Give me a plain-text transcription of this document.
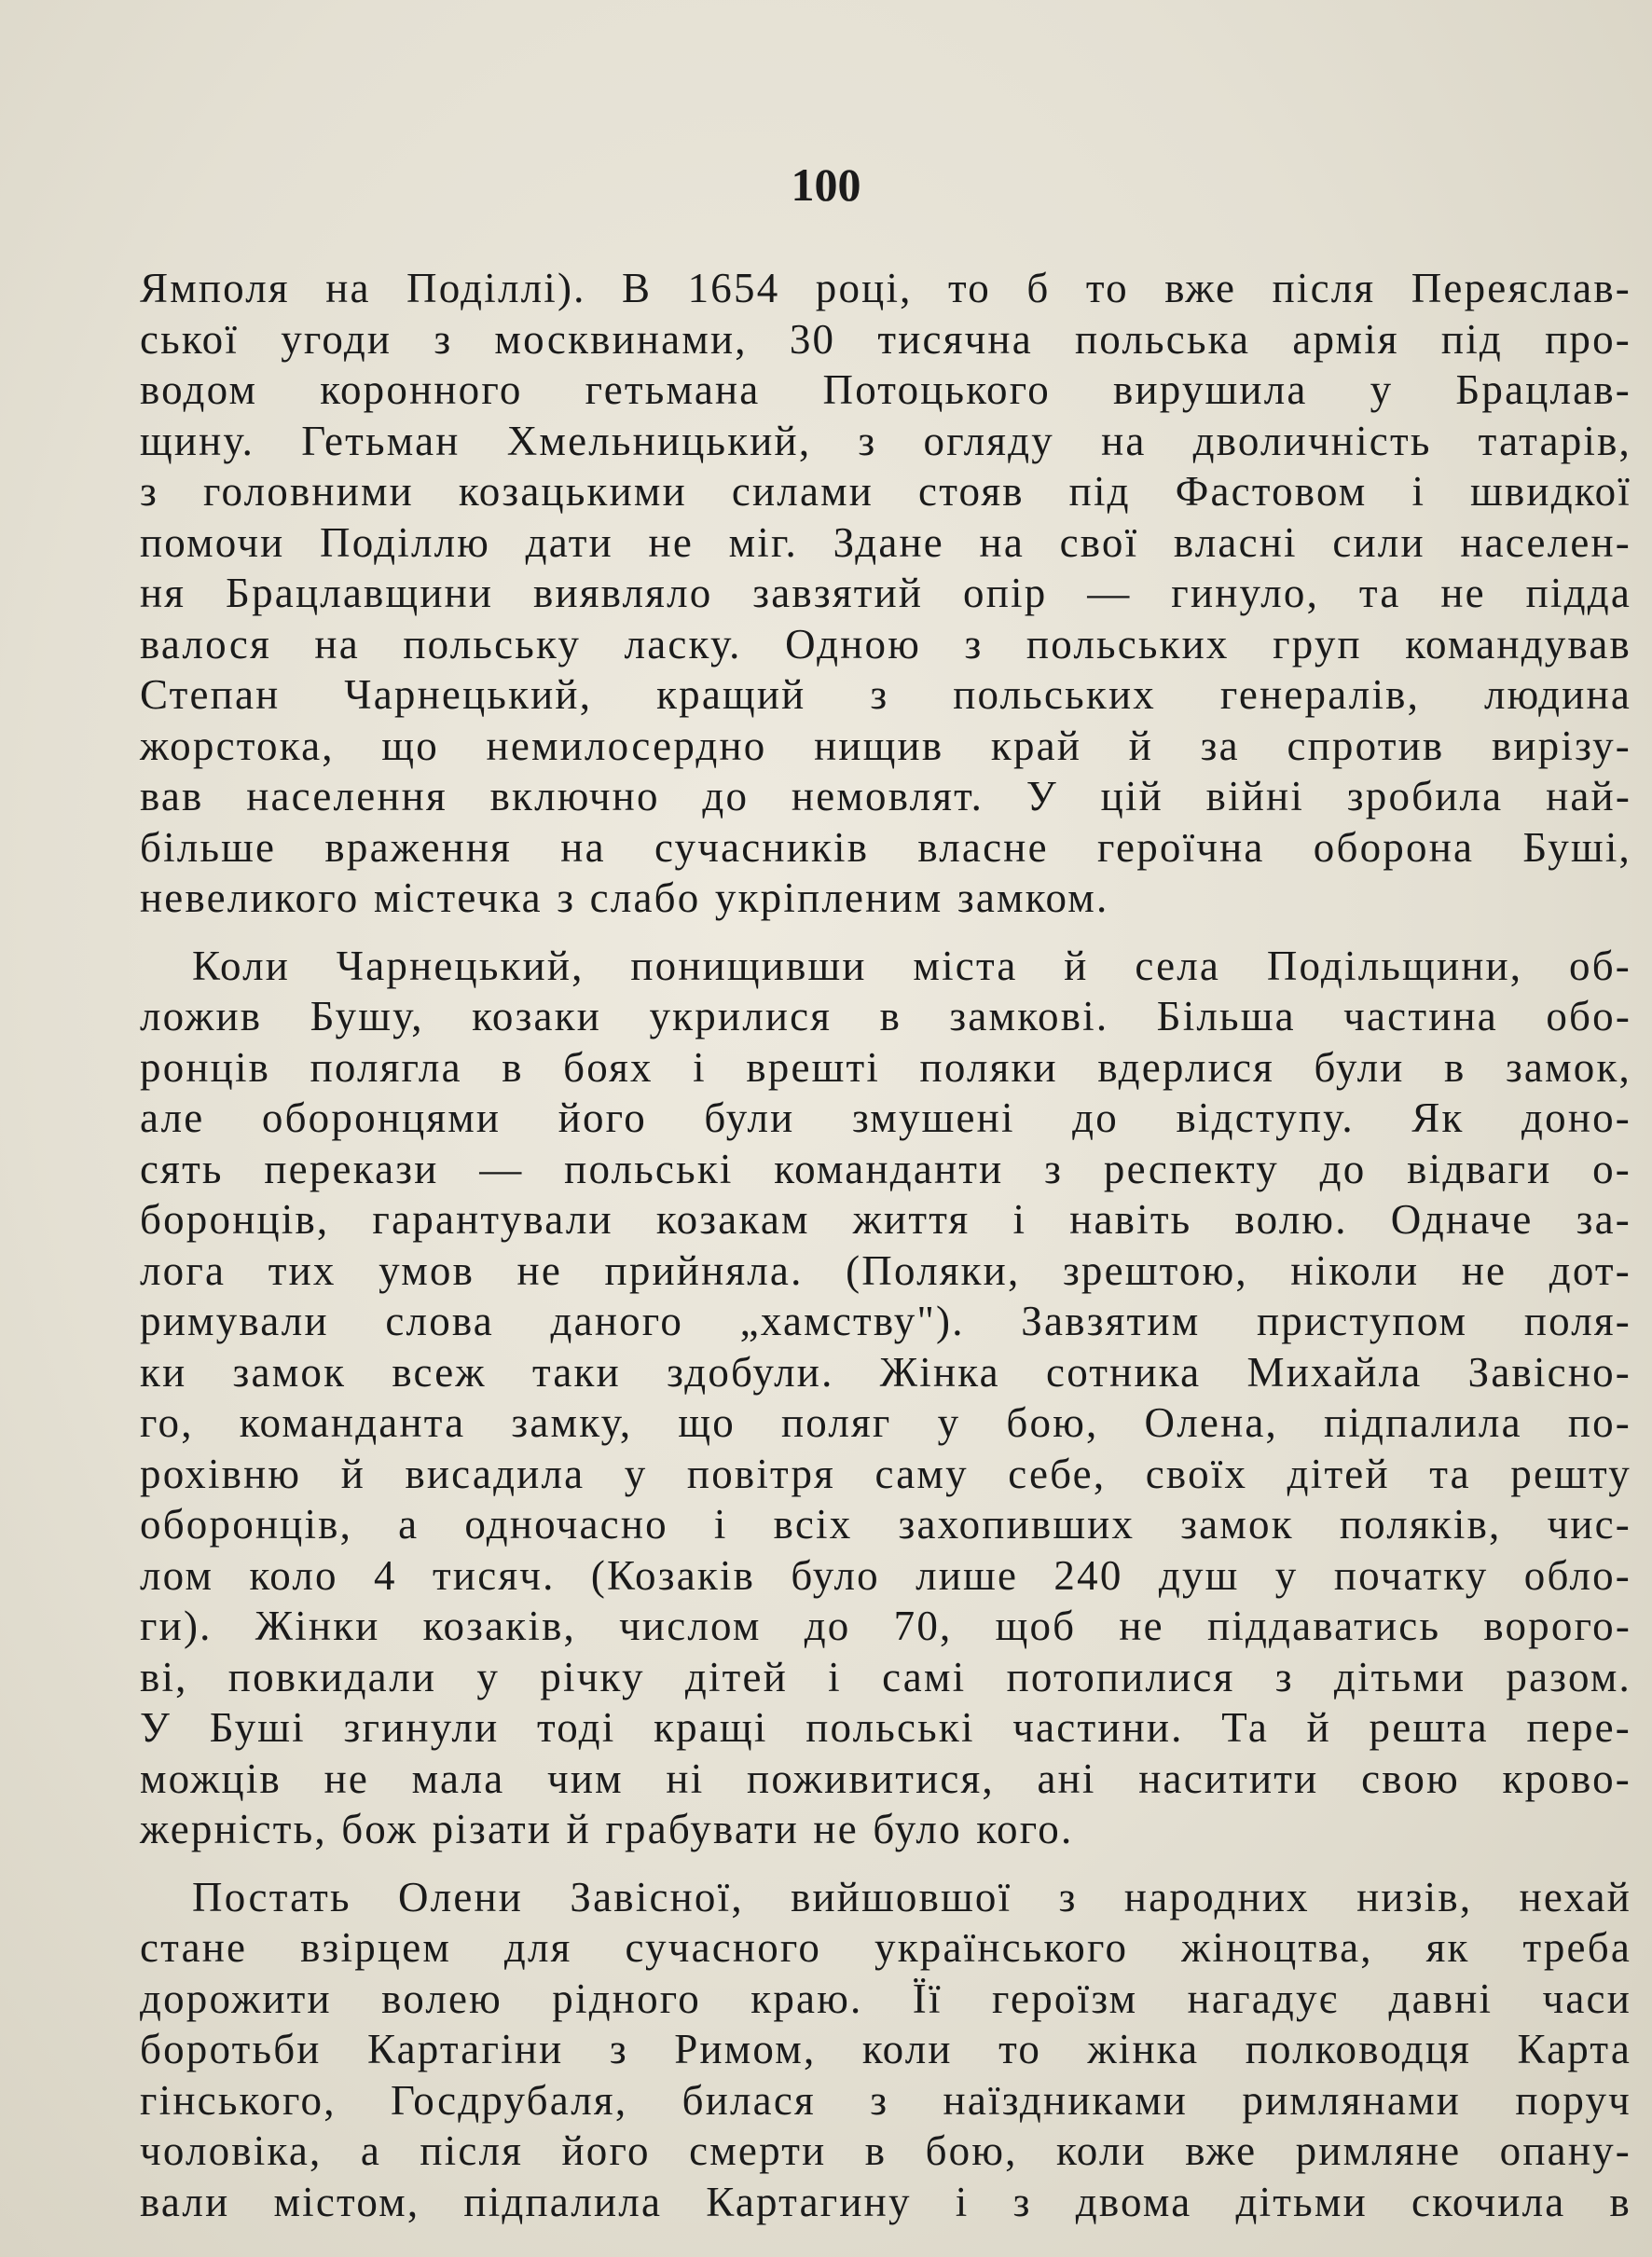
100
Ямполя на Поділлі). В 1654 році, то б то вже після Переяслав-
ської угоди з москвинами, 30 тисячна польська армія під про-
водом коронного гетьмана Потоцького вирушила у Брацлав-
щину. Гетьман Хмельницький, з огляду на дволичність татарів,
з головними козацькими силами стояв під Фастовом і швидкої
помочи Поділлю дати не міг. Здане на свої власні сили населен-
ня Брацлавщини виявляло завзятий опір — гинуло, та не підда
валося на польську ласку. Одною з польських груп командував
Степан Чарнецький, кращий з польських генералів, людина
жорстока, що немилосердно нищив край й за спротив вирізу-
вав населення включно до немовлят. У цій війні зробила най-
більше враження на сучасників власне героїчна оборона Буші,
невеликого містечка з слабо укріпленим замком.
Коли Чарнецький, понищивши міста й села Подільщини, об-
ложив Бушу, козаки укрилися в замкові. Більша частина обо-
ронців полягла в боях і врешті поляки вдерлися були в замок,
але оборонцями його були змушені до відступу. Як доно-
сять перекази — польські команданти з респекту до відваги о-
боронців, гарантували козакам життя і навіть волю. Одначе за-
лога тих умов не прийняла. (Поляки, зрештою, ніколи не дот-
римували слова даного „хамству"). Завзятим приступом поля-
ки замок всеж таки здобули. Жінка сотника Михайла Завісно-
го, команданта замку, що поляг у бою, Олена, підпалила по-
рохівню й висадила у повітря саму себе, своїх дітей та решту
оборонців, а одночасно і всіх захопивших замок поляків, чис-
лом коло 4 тисяч. (Козаків було лише 240 душ у початку обло-
ги). Жінки козаків, числом до 70, щоб не піддаватись ворого-
ві, повкидали у річку дітей і самі потопилися з дітьми разом.
У Буші згинули тоді кращі польські частини. Та й решта пере-
можців не мала чим ні поживитися, ані наситити свою крово-
жерність, бож різати й грабувати не було кого.
Постать Олени Завісної, вийшовшої з народних низів, нехай
стане взірцем для сучасного українського жіноцтва, як треба
дорожити волею рідного краю. Її героїзм нагадує давні часи
боротьби Картагіни з Римом, коли то жінка полководця Карта
гінського, Госдрубаля, билася з наїздниками римлянами поруч
чоловіка, а після його смерти в бою, коли вже римляне опану-
вали містом, підпалила Картагину і з двома дітьми скочила в
